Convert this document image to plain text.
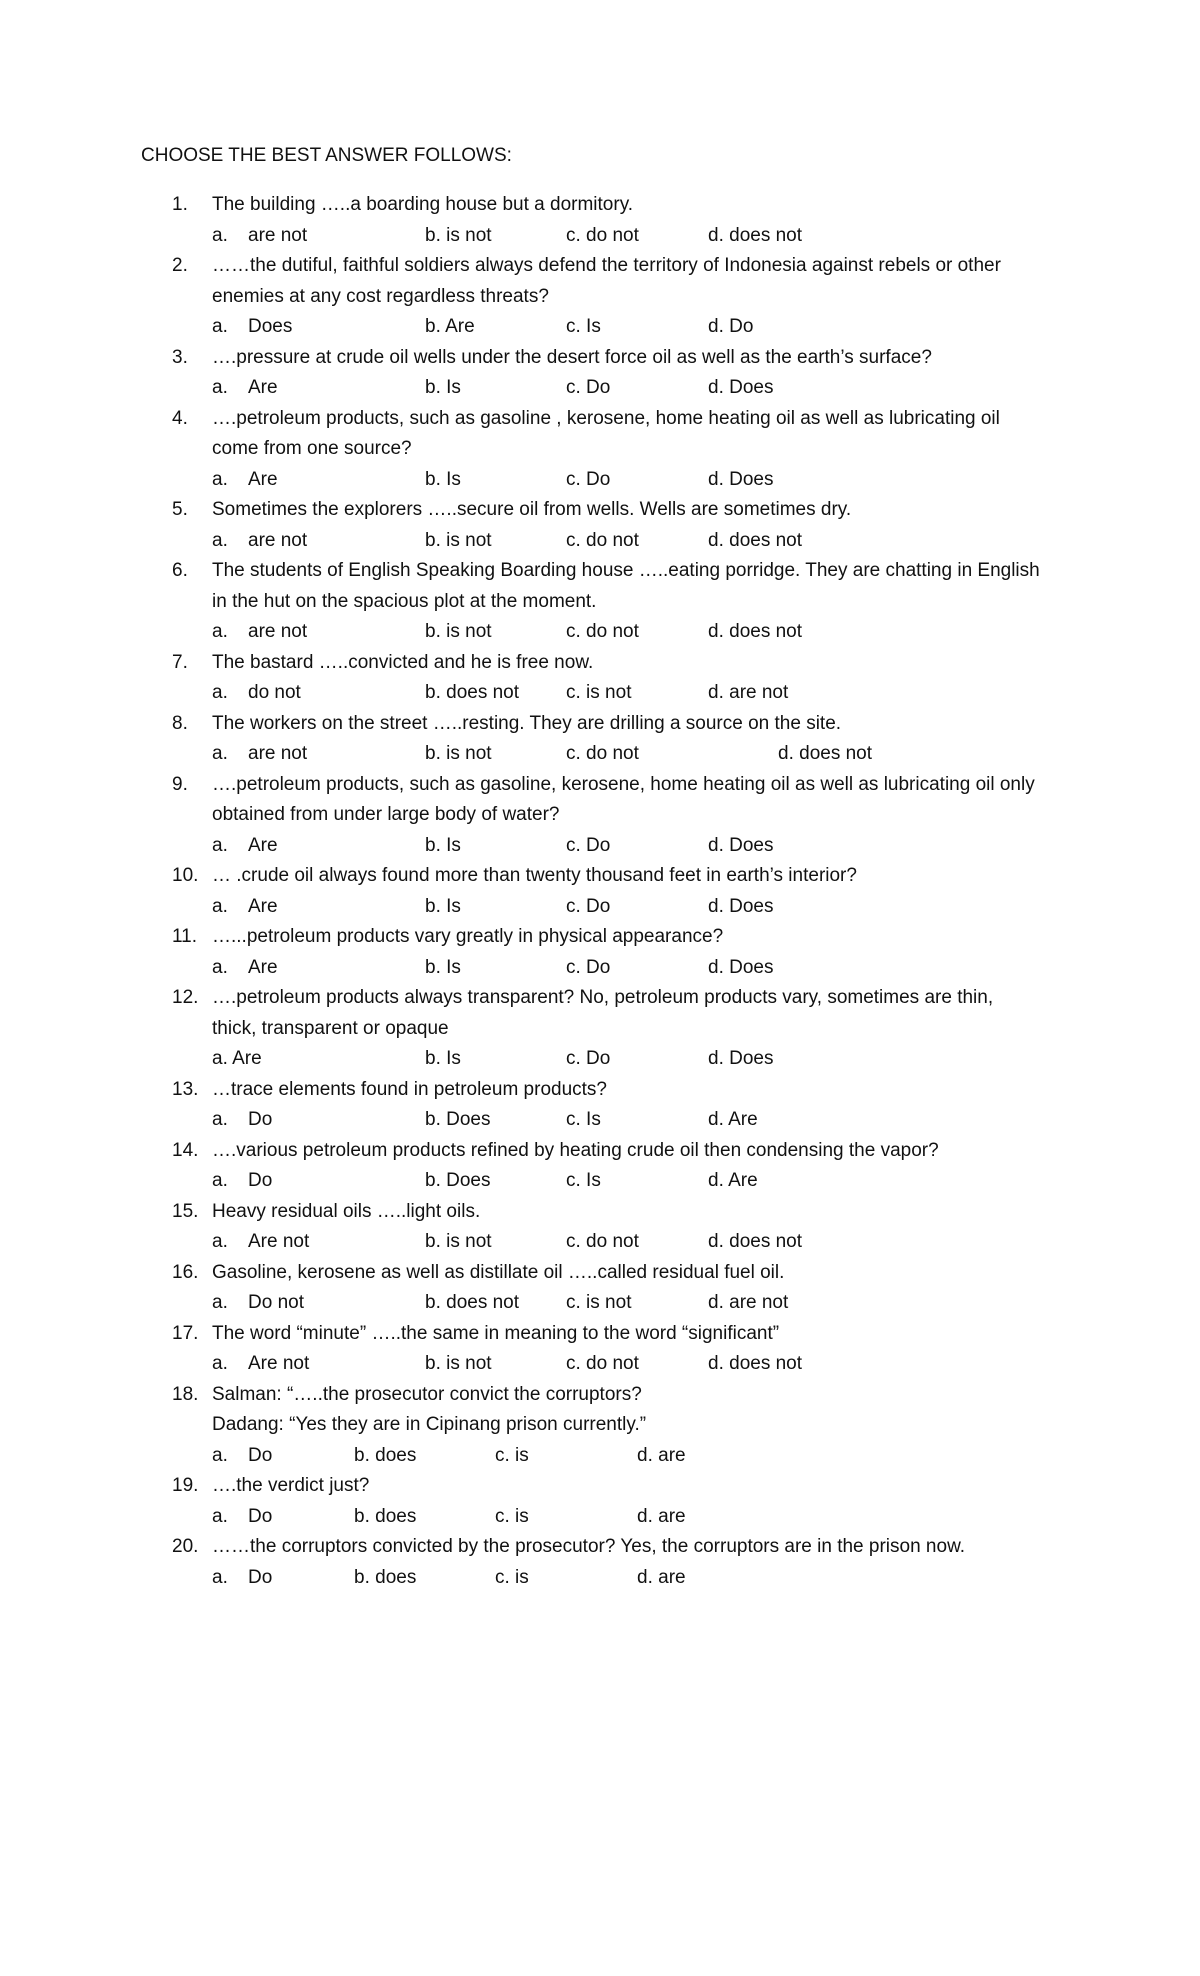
CHOOSE THE BEST ANSWER FOLLOWS:
1.	The building …..a boarding house but a dormitory.
a. are not	b. is not	c. do not	d. does not
2.	……the dutiful, faithful soldiers always defend the territory of Indonesia against rebels or other
enemies at any cost regardless threats?
a. Does	b. Are	c. Is	d. Do
3.	….pressure at crude oil wells under the desert force oil as well as the earth’s surface?
a. Are	b. Is	c. Do	d. Does
4.	….petroleum products, such as gasoline , kerosene, home heating oil as well as lubricating oil
come from one source?
a. Are	b. Is	c. Do	d. Does
5.	Sometimes the explorers …..secure oil from wells. Wells are sometimes dry.
a. are not	b. is not	c. do not	d. does not
6.	The students of English Speaking Boarding house …..eating porridge. They are chatting in English
in the hut on the spacious plot at the moment.
a. are not	b. is not	c. do not	d. does not
7.	The bastard …..convicted and he is free now.
a. do not	b. does not c. is not	d. are not
8.	The workers on the street …..resting. They are drilling a source on the site.
a. are not	b. is not	c. do not	d. does not
9.	….petroleum products, such as gasoline, kerosene, home heating oil as well as lubricating oil only
obtained from under large body of water?
a. Are	b. Is	c. Do	d. Does
10. … .crude oil always found more than twenty thousand feet in earth’s interior?
a. Are	b. Is	c. Do	d. Does
11. …...petroleum products vary greatly in physical appearance?
a. Are	b. Is	c. Do	d. Does
12. ….petroleum products always transparent? No, petroleum products vary, sometimes are thin,
thick, transparent or opaque
a. Are	b. Is	c. Do	d. Does
13. …trace elements found in petroleum products?
a. Do	b. Does	c. Is	d. Are
14. ….various petroleum products refined by heating crude oil then condensing the vapor?
a. Do	b. Does	c. Is	d. Are
15. Heavy residual oils …..light oils.
a. Are not	b. is not	c. do not	d. does not
16. Gasoline, kerosene as well as distillate oil …..called residual fuel oil.
a. Do not	b. does not c. is not	d. are not
17. The word “minute” …..the same in meaning to the word “significant”
a. Are not	b. is not	c. do not	d. does not
18. Salman: “…..the prosecutor convict the corruptors?
Dadang: “Yes they are in Cipinang prison currently.”
a. Do	b. does	c. is	d. are
19. ….the verdict just?
a. Do	b. does	c. is	d. are
20. ……the corruptors convicted by the prosecutor? Yes, the corruptors are in the prison now.
a. Do	b. does	c. is	d. are
